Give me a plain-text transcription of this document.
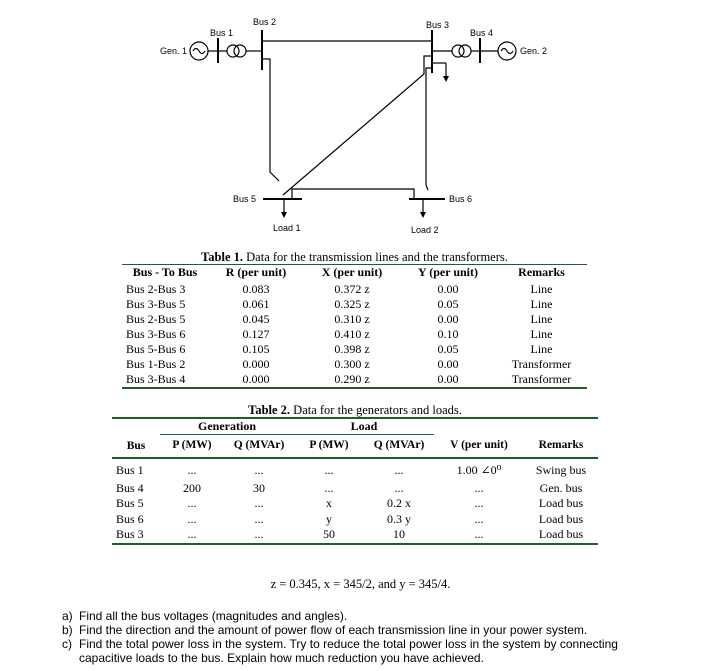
Gen. 1	Gen. 2
Bus 1
Bus 2	Bus 3
Bus 4
Bus 5	Bus 6
Load 1	Load 2
Table 1. Data for the transmission lines and the transformers.
Bus - To Bus	R (per unit)	X (per unit)	Y (per unit)	Remarks
Bus 2-Bus 3	0.083	0.372 z	0.00	Line
Bus 3-Bus 5	0.061	0.325 z	0.05	Line
Bus 2-Bus 5	0.045	0.310 z	0.00	Line
Bus 3-Bus 6	0.127	0.410 z	0.10	Line
Bus 5-Bus 6	0.105	0.398 z	0.05	Line
Bus 1-Bus 2	0.000	0.300 z	0.00	Transformer
Bus 3-Bus 4	0.000	0.290 z	0.00	Transformer
Table 2. Data for the generators and loads.
	Generation		Load			
Bus	P (MW)	Q (MVAr)	P (MW)	Q (MVAr)	V (per unit)	Remarks
Bus 1	...	...	...	...	1.00 ∠0⁰	Swing bus
Bus 4	200	30	...	...	...	Gen. bus
Bus 5	...	...	x	0.2 x	...	Load bus
Bus 6	...	...	y	0.3 y	...	Load bus
Bus 3	...	...	50	10	...	Load bus
z = 0.345, x = 345/2, and y = 345/4.
a) Find all the bus voltages (magnitudes and angles).
b) Find the direction and the amount of power flow of each transmission line in your power system.
c) Find the total power loss in the system. Try to reduce the total power loss in the system by connecting capacitive loads to the bus. Explain how much reduction you have achieved.
